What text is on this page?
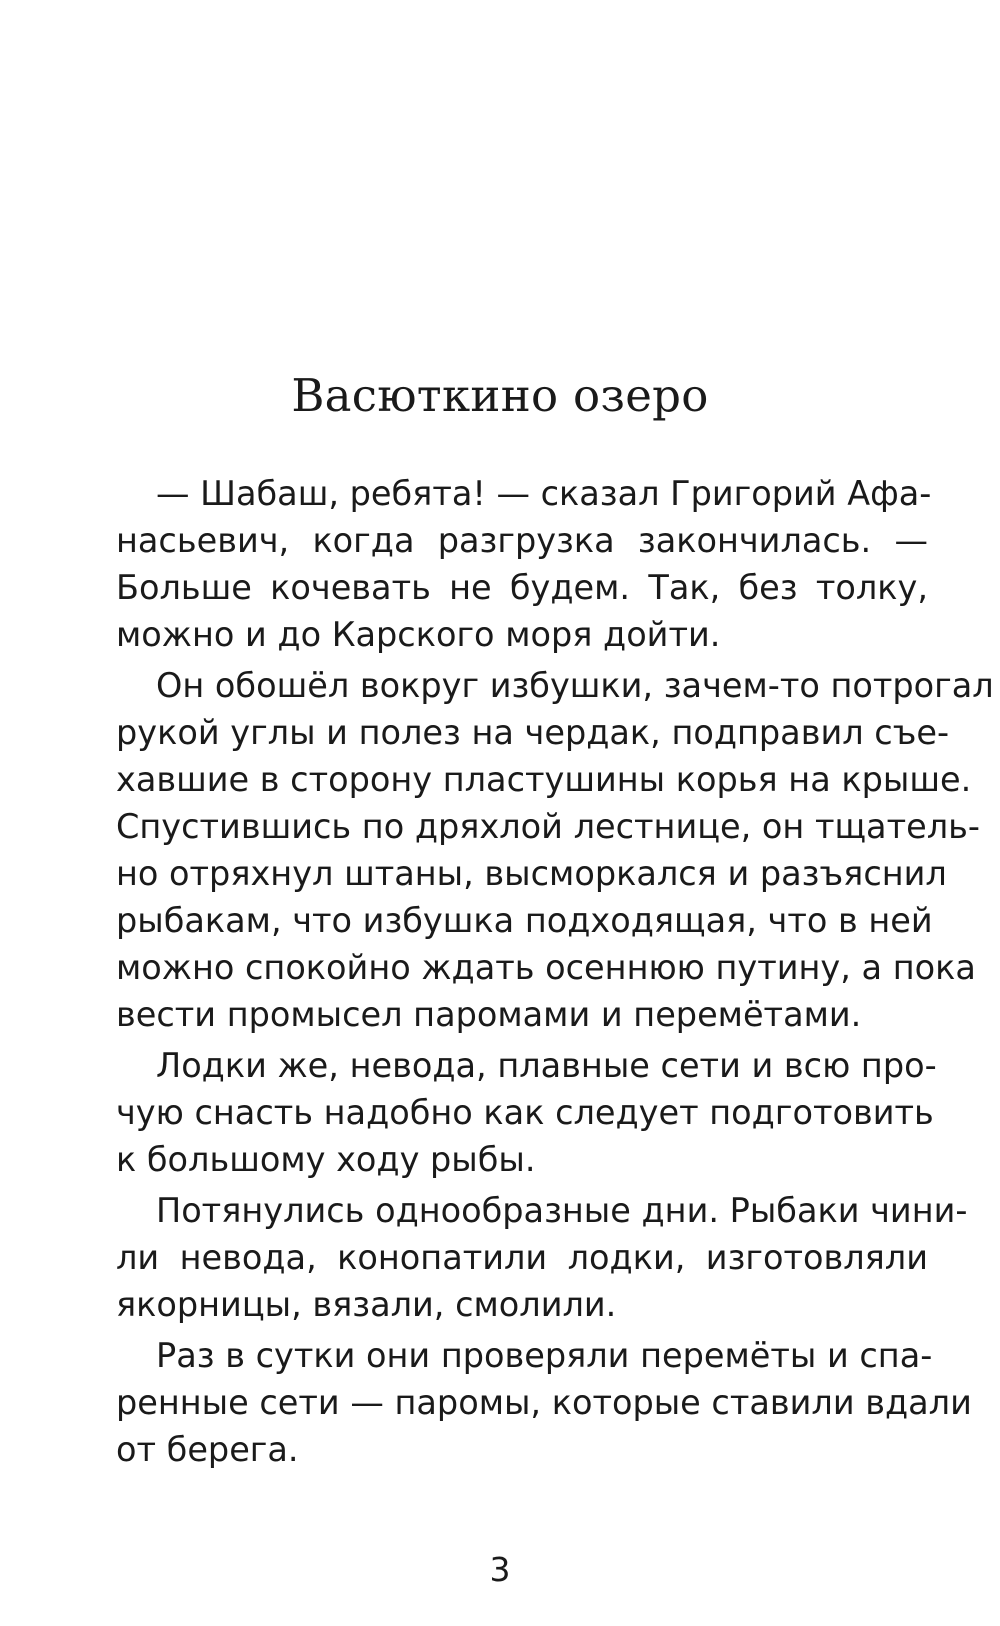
Васюткино озеро

— Шабаш, ребята! — сказал Григорий Афа-
насьевич, когда разгрузка закончилась. —
Больше кочевать не будем. Так, без толку,
можно и до Карского моря дойти.

Он обошёл вокруг избушки, зачем-то потрогал
рукой углы и полез на чердак, подправил съе-
хавшие в сторону пластушины корья на крыше.
Спустившись по дряхлой лестнице, он тщатель-
но отряхнул штаны, высморкался и разъяснил
рыбакам, что избушка подходящая, что в ней
можно спокойно ждать осеннюю путину, а пока
вести промысел паромами и перемётами.

Лодки же, невода, плавные сети и всю про-
чую снасть надобно как следует подготовить
к большому ходу рыбы.

Потянулись однообразные дни. Рыбаки чини-
ли невода, конопатили лодки, изготовляли
якорницы, вязали, смолили.

Раз в сутки они проверяли перемёты и спа-
ренные сети — паромы, которые ставили вдали
от берега.

3
